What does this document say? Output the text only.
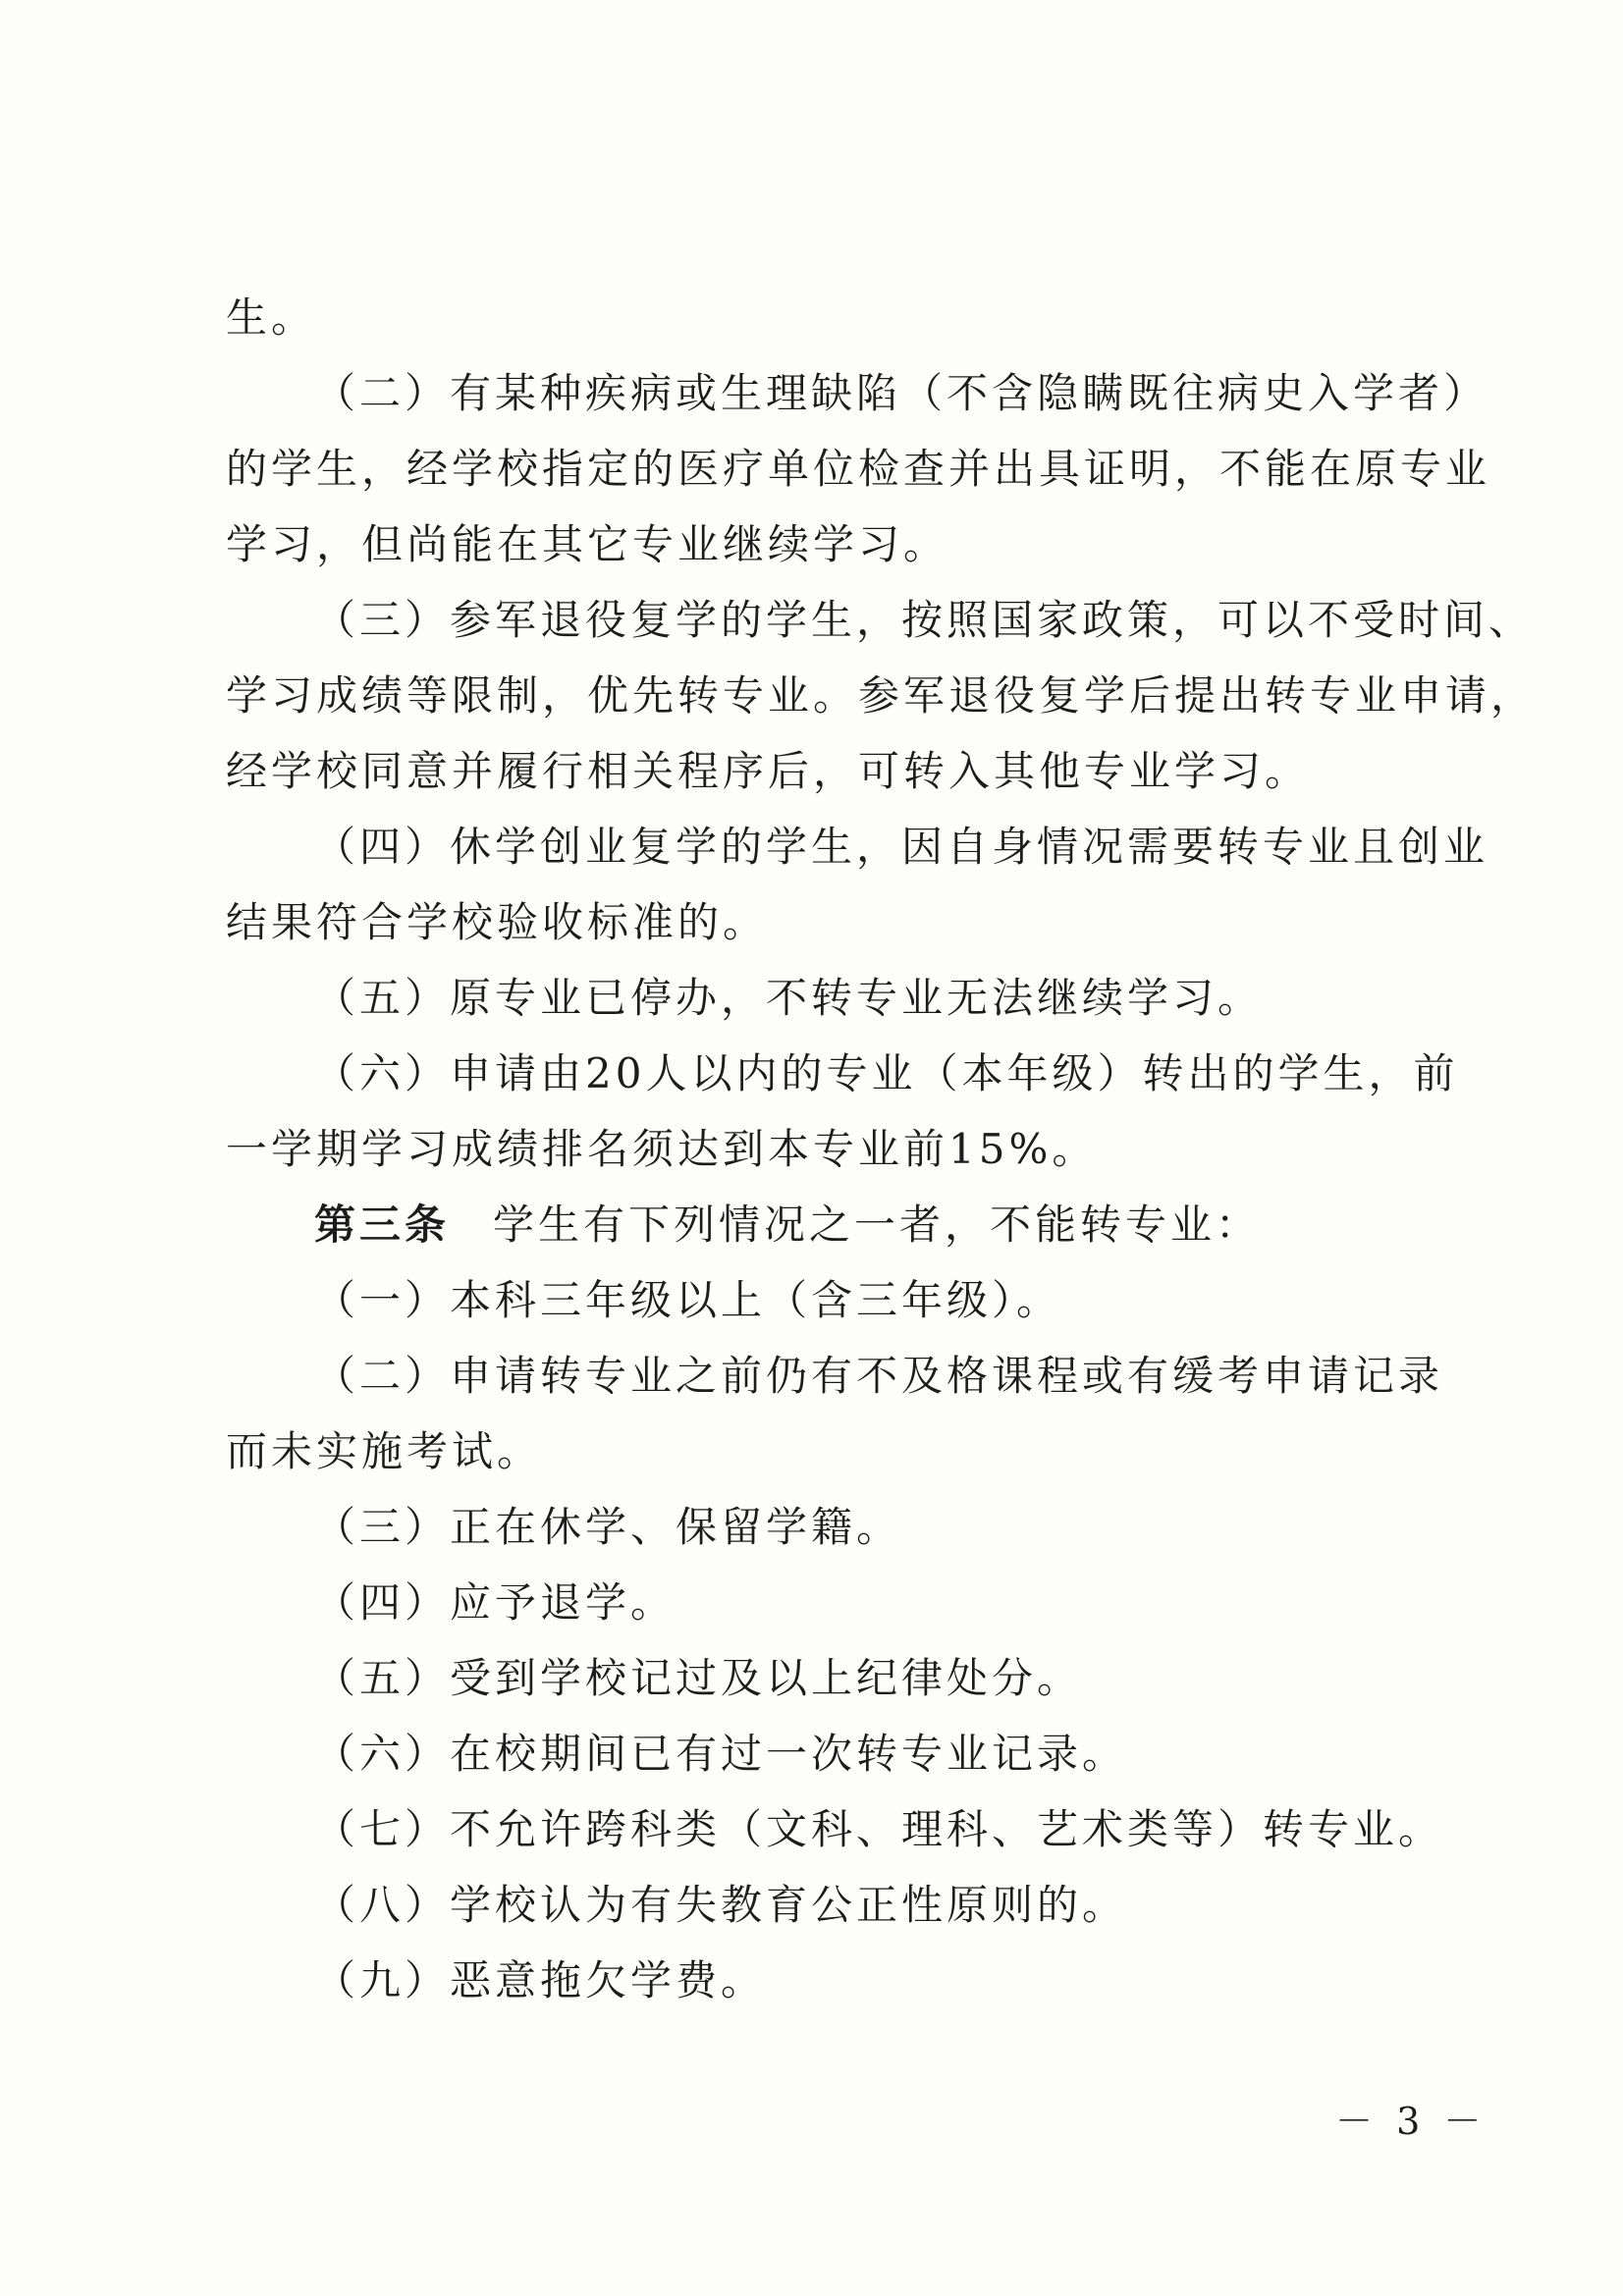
生。
（二）有某种疾病或生理缺陷（不含隐瞒既往病史入学者）
的学生，经学校指定的医疗单位检查并出具证明，不能在原专业
学习，但尚能在其它专业继续学习。
（三）参军退役复学的学生，按照国家政策，可以不受时间、
学习成绩等限制，优先转专业。参军退役复学后提出转专业申请，
经学校同意并履行相关程序后，可转入其他专业学习。
（四）休学创业复学的学生，因自身情况需要转专业且创业
结果符合学校验收标准的。
（五）原专业已停办，不转专业无法继续学习。
（六）申请由20人以内的专业（本年级）转出的学生，前
一学期学习成绩排名须达到本专业前15%。
第三条 学生有下列情况之一者，不能转专业：
（一）本科三年级以上（含三年级）。
（二）申请转专业之前仍有不及格课程或有缓考申请记录
而未实施考试。
（三）正在休学、保留学籍。
（四）应予退学。
（五）受到学校记过及以上纪律处分。
（六）在校期间已有过一次转专业记录。
（七）不允许跨科类（文科、理科、艺术类等）转专业。
（八）学校认为有失教育公正性原则的。
（九）恶意拖欠学费。
－ 3 －
